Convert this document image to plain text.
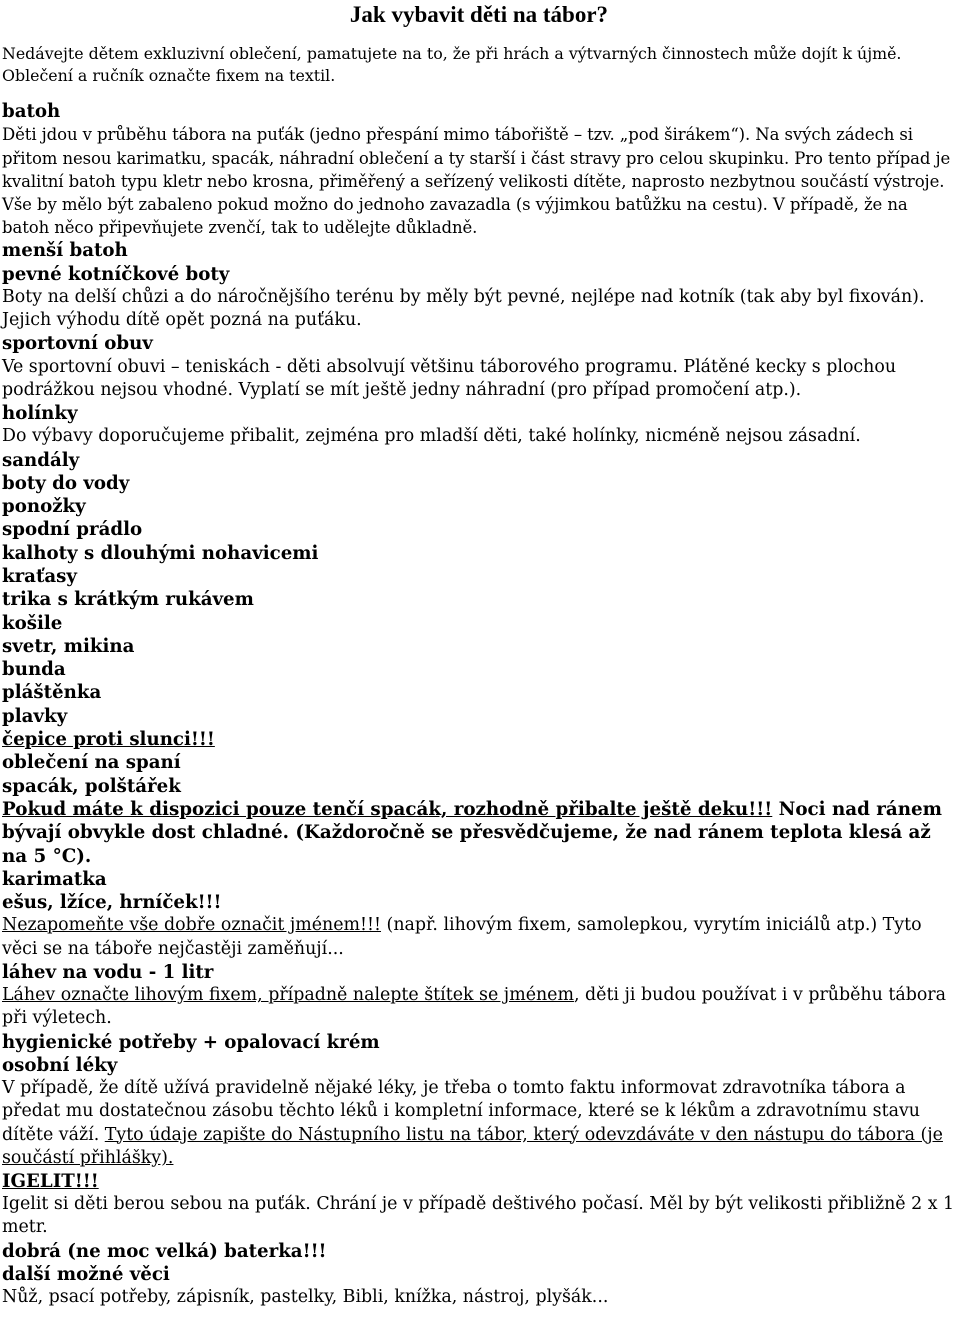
Jak vybavit děti na tábor?

Nedávejte dětem exkluzivní oblečení, pamatujete na to, že při hrách a výtvarných činnostech může dojít k újmě. Oblečení a ručník označte fixem na textil.

batoh

Děti jdou v průběhu tábora na puťák (jedno přespání mimo tábořiště – tzv. „pod širákem“). Na svých zádech si přitom nesou karimatku, spacák, náhradní oblečení a ty starší i část stravy pro celou skupinku. Pro tento případ je kvalitní batoh typu kletr nebo krosna, přiměřený a seřízený velikosti dítěte, naprosto nezbytnou součástí výstroje. Vše by mělo být zabaleno pokud možno do jednoho zavazadla (s výjimkou batůžku na cestu). V případě, že na batoh něco připevňujete zvenčí, tak to udělejte důkladně.

menší batoh

pevné kotníčkové boty

Boty na delší chůzi a do náročnějšího terénu by měly být pevné, nejlépe nad kotník (tak aby byl fixován). Jejich výhodu dítě opět pozná na puťáku.

sportovní obuv

Ve sportovní obuvi – teniskách - děti absolvují většinu táborového programu. Plátěné kecky s plochou podrážkou nejsou vhodné. Vyplatí se mít ještě jedny náhradní (pro případ promočení atp.).

holínky

Do výbavy doporučujeme přibalit, zejména pro mladší děti, také holínky, nicméně nejsou zásadní.

sandály

boty do vody

ponožky

spodní prádlo

kalhoty s dlouhými nohavicemi

kraťasy

trika s krátkým rukávem

košile

svetr, mikina

bunda

pláštěnka

plavky

čepice proti slunci!!!

oblečení na spaní

spacák, polštářek

Pokud máte k dispozici pouze tenčí spacák, rozhodně přibalte ještě deku!!! Noci nad ránem bývají obvykle dost chladné. (Každoročně se přesvědčujeme, že nad ránem teplota klesá až na 5 °C).

karimatka

ešus, lžíce, hrníček!!!

Nezapomeňte vše dobře označit jménem!!! (např. lihovým fixem, samolepkou, vyrytím iniciálů atp.) Tyto věci se na táboře nejčastěji zaměňují...

láhev na vodu - 1 litr

Láhev označte lihovým fixem, případně nalepte štítek se jménem, děti ji budou používat i v průběhu tábora při výletech.

hygienické potřeby + opalovací krém

osobní léky

V případě, že dítě užívá pravidelně nějaké léky, je třeba o tomto faktu informovat zdravotníka tábora a předat mu dostatečnou zásobu těchto léků i kompletní informace, které se k lékům a zdravotnímu stavu dítěte váží. Tyto údaje zapište do Nástupního listu na tábor, který odevzdáváte v den nástupu do tábora (je součástí přihlášky).

IGELIT!!!

Igelit si děti berou sebou na puťák. Chrání je v případě deštivého počasí. Měl by být velikosti přibližně 2 x 1 metr.

dobrá (ne moc velká) baterka!!!

další možné věci

Nůž, psací potřeby, zápisník, pastelky, Bibli, knížka, nástroj, plyšák...
